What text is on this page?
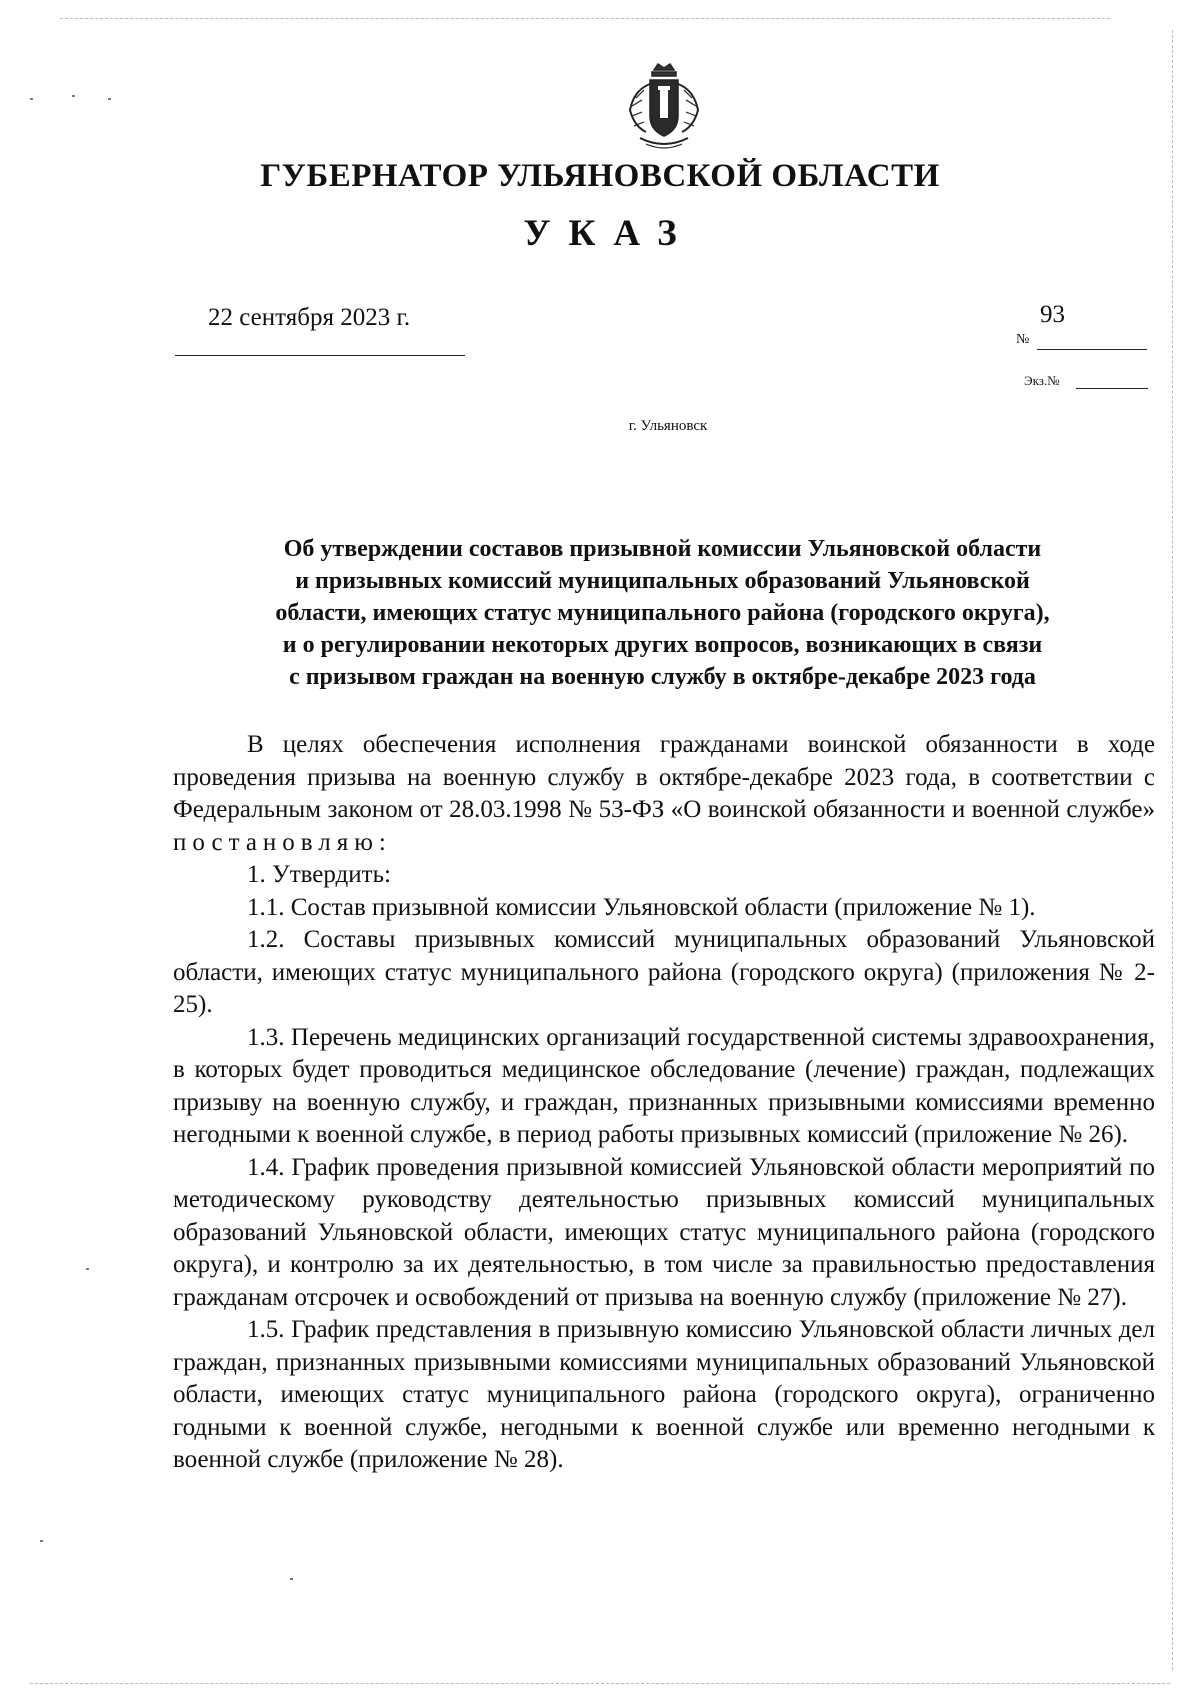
ГУБЕРНАТОР УЛЬЯНОВСКОЙ ОБЛАСТИ
УКАЗ
22 сентября 2023 г.	93
№
Экз.№
г. Ульяновск
Об утверждении составов призывной комиссии Ульяновской области
и призывных комиссий муниципальных образований Ульяновской
области, имеющих статус муниципального района (городского округа),
и о регулировании некоторых других вопросов, возникающих в связи
с призывом граждан на военную службу в октябре-декабре 2023 года

В целях обеспечения исполнения гражданами воинской обязанности в ходе проведения призыва на военную службу в октябре-декабре 2023 года, в соответствии с Федеральным законом от 28.03.1998 № 53-ФЗ «О воинской обязанности и военной службе» постановляю:

1. Утвердить:

1.1. Состав призывной комиссии Ульяновской области (приложение № 1).

1.2. Составы призывных комиссий муниципальных образований Ульяновской области, имеющих статус муниципального района (городского округа) (приложения № 2-25).

1.3. Перечень медицинских организаций государственной системы здравоохранения, в которых будет проводиться медицинское обследование (лечение) граждан, подлежащих призыву на военную службу, и граждан, признанных призывными комиссиями временно негодными к военной службе, в период работы призывных комиссий (приложение № 26).

1.4. График проведения призывной комиссией Ульяновской области мероприятий по методическому руководству деятельностью призывных комиссий муниципальных образований Ульяновской области, имеющих статус муниципального района (городского округа), и контролю за их деятельностью, в том числе за правильностью предоставления гражданам отсрочек и освобождений от призыва на военную службу (приложение № 27).

1.5. График представления в призывную комиссию Ульяновской области личных дел граждан, признанных призывными комиссиями муниципальных образований Ульяновской области, имеющих статус муниципального района (городского округа), ограниченно годными к военной службе, негодными к военной службе или временно негодными к военной службе (приложение № 28).
